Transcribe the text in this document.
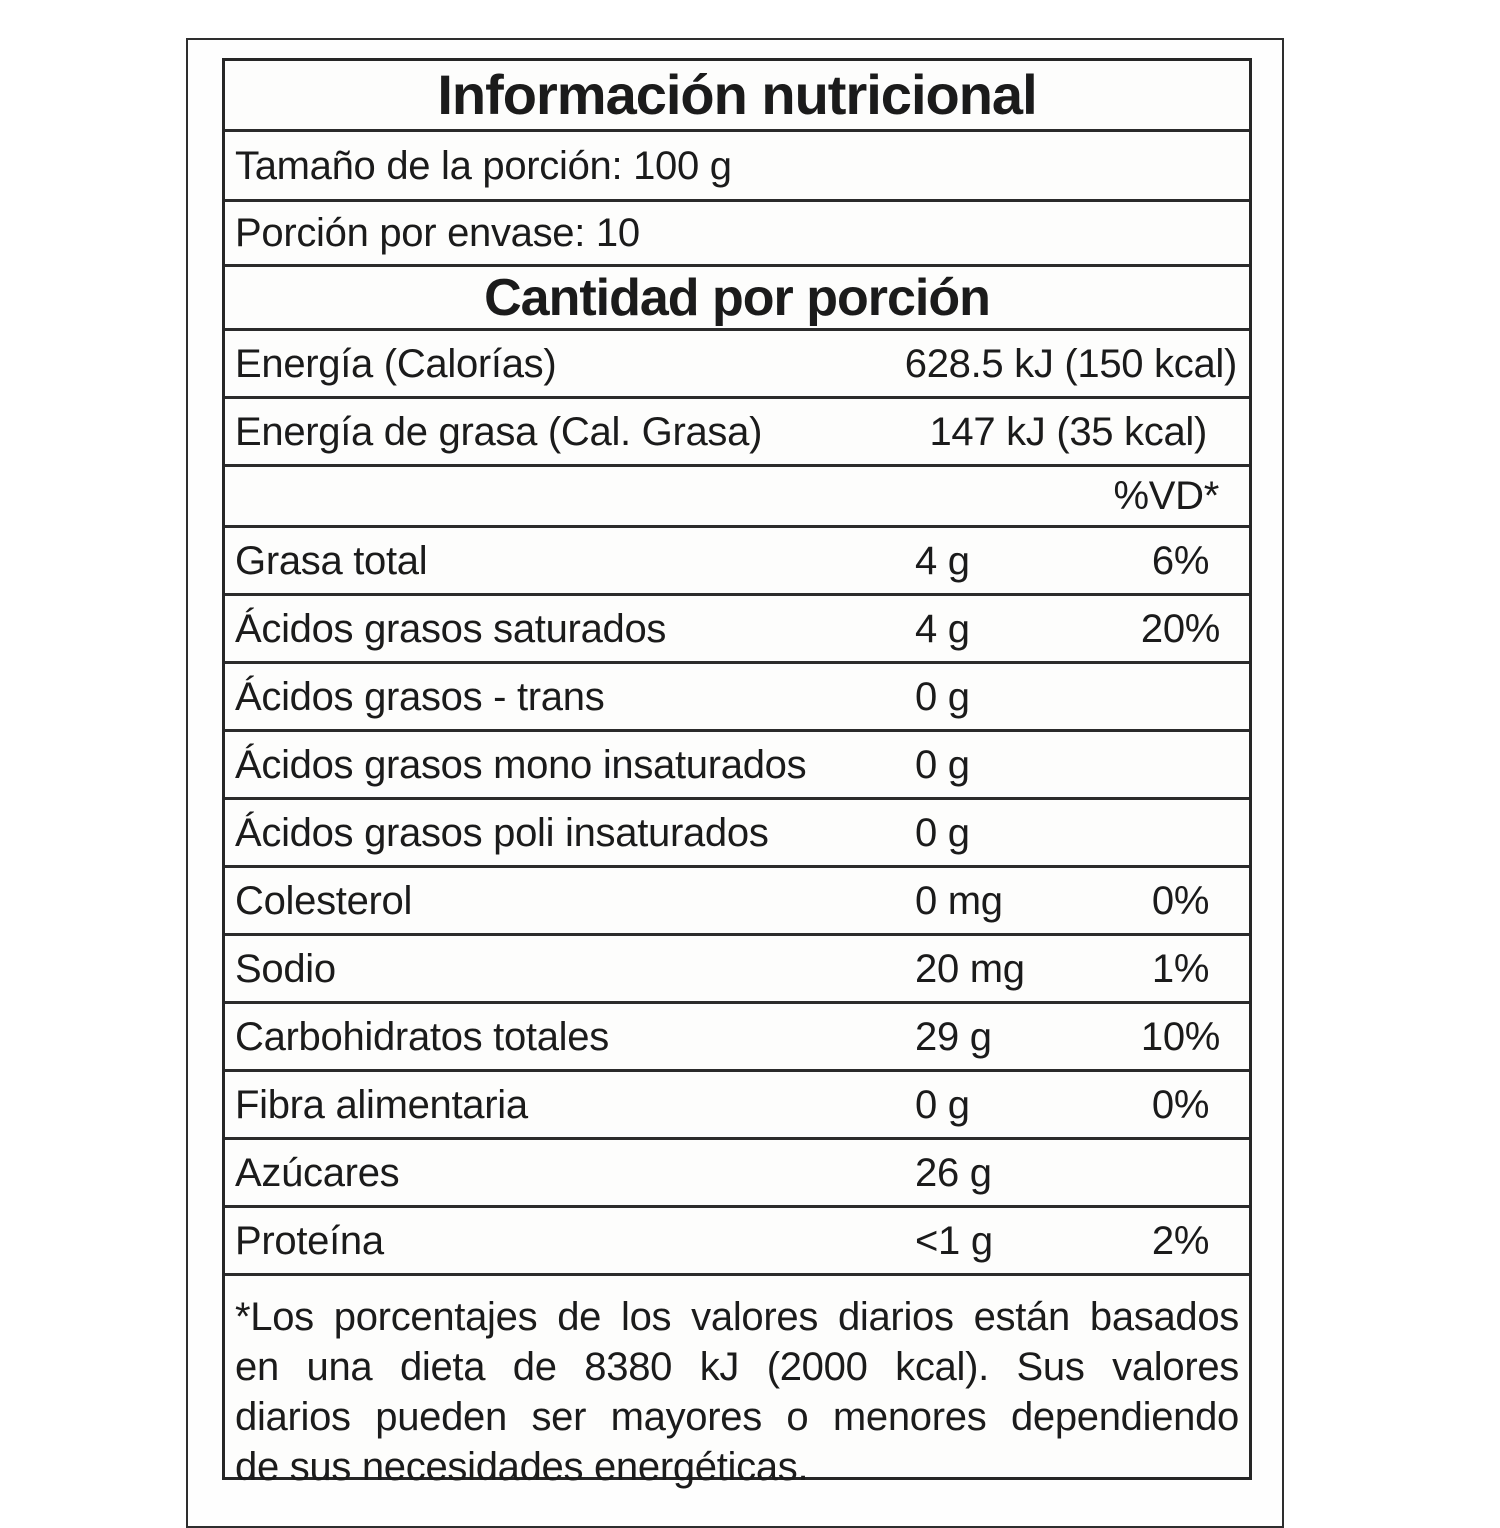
Información nutricional
Tamaño de la porción: 100 g
Porción por envase: 10
Cantidad por porción
Energía (Calorías)	628.5 kJ (150 kcal)
Energía de grasa (Cal. Grasa)	147 kJ (35 kcal)
%VD*
Grasa total	4 g	6%
Ácidos grasos saturados	4 g	20%
Ácidos grasos - trans	0 g
Ácidos grasos mono insaturados	0 g
Ácidos grasos poli insaturados	0 g
Colesterol	0 mg	0%
Sodio	20 mg	1%
Carbohidratos totales	29 g	10%
Fibra alimentaria	0 g	0%
Azúcares	26 g
Proteína	<1 g	2%
*Los porcentajes de los valores diarios están basados
en una dieta de 8380 kJ (2000 kcal). Sus valores
diarios pueden ser mayores o menores dependiendo
de sus necesidades energéticas.
